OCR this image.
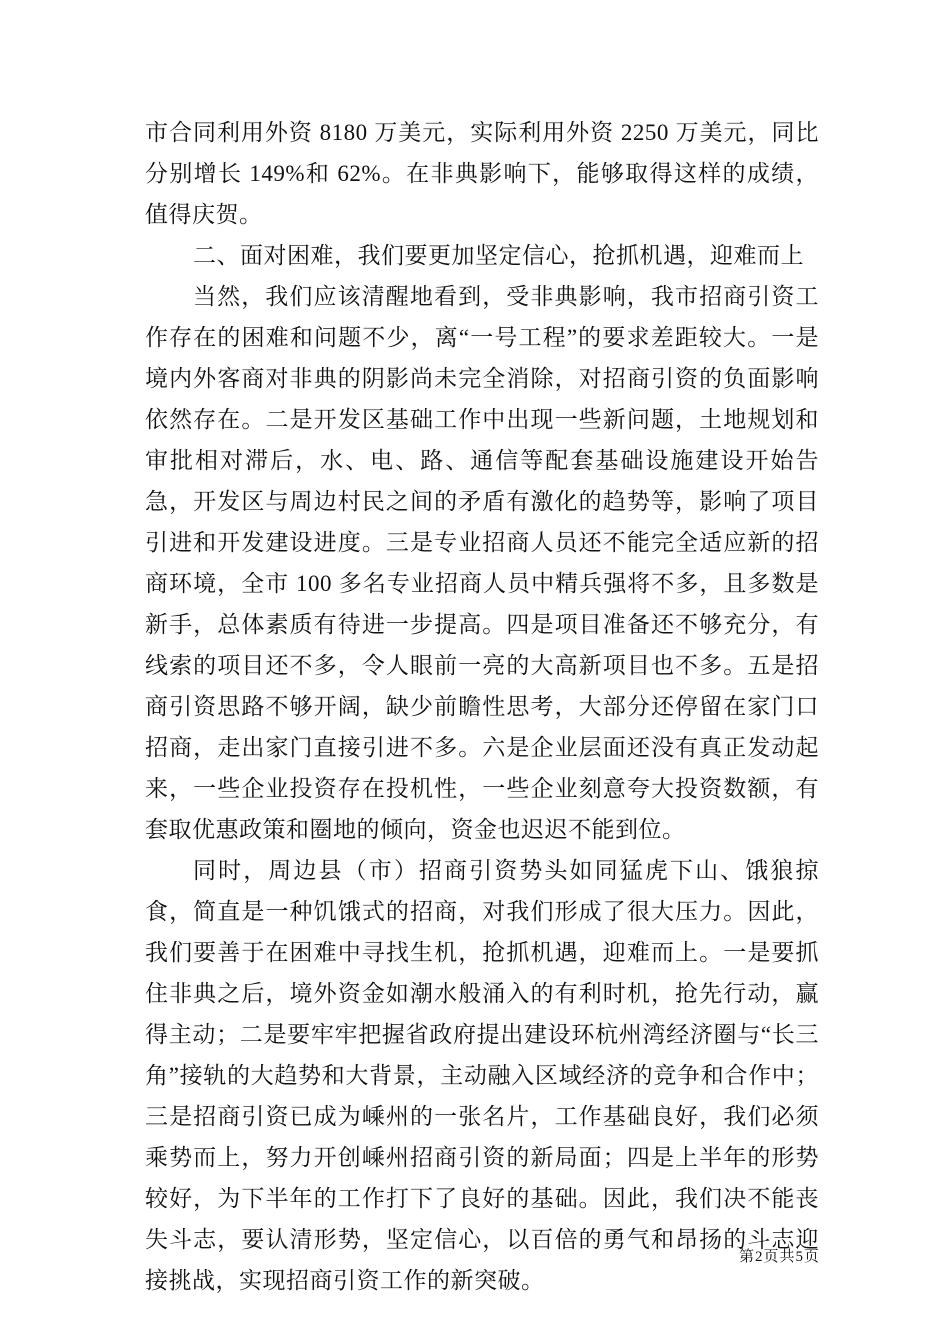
市合同利用外资 8180 万美元，实际利用外资 2250 万美元，同比分别增长 149%和 62%。在非典影响下，能够取得这样的成绩，值得庆贺。

二、面对困难，我们要更加坚定信心，抢抓机遇，迎难而上

当然，我们应该清醒地看到，受非典影响，我市招商引资工作存在的困难和问题不少，离“一号工程”的要求差距较大。一是境内外客商对非典的阴影尚未完全消除，对招商引资的负面影响依然存在。二是开发区基础工作中出现一些新问题，土地规划和审批相对滞后，水、电、路、通信等配套基础设施建设开始告急，开发区与周边村民之间的矛盾有激化的趋势等，影响了项目引进和开发建设进度。三是专业招商人员还不能完全适应新的招商环境，全市 100 多名专业招商人员中精兵强将不多，且多数是新手，总体素质有待进一步提高。四是项目准备还不够充分，有线索的项目还不多，令人眼前一亮的大高新项目也不多。五是招商引资思路不够开阔，缺少前瞻性思考，大部分还停留在家门口招商，走出家门直接引进不多。六是企业层面还没有真正发动起来，一些企业投资存在投机性，一些企业刻意夸大投资数额，有套取优惠政策和圈地的倾向，资金也迟迟不能到位。

同时，周边县（市）招商引资势头如同猛虎下山、饿狼掠食，简直是一种饥饿式的招商，对我们形成了很大压力。因此，我们要善于在困难中寻找生机，抢抓机遇，迎难而上。一是要抓住非典之后，境外资金如潮水般涌入的有利时机，抢先行动，赢得主动；二是要牢牢把握省政府提出建设环杭州湾经济圈与“长三角”接轨的大趋势和大背景，主动融入区域经济的竞争和合作中；三是招商引资已成为嵊州的一张名片，工作基础良好，我们必须乘势而上，努力开创嵊州招商引资的新局面；四是上半年的形势较好，为下半年的工作打下了良好的基础。因此，我们决不能丧失斗志，要认清形势，坚定信心，以百倍的勇气和昂扬的斗志迎接挑战，实现招商引资工作的新突破。

第2页共5页
